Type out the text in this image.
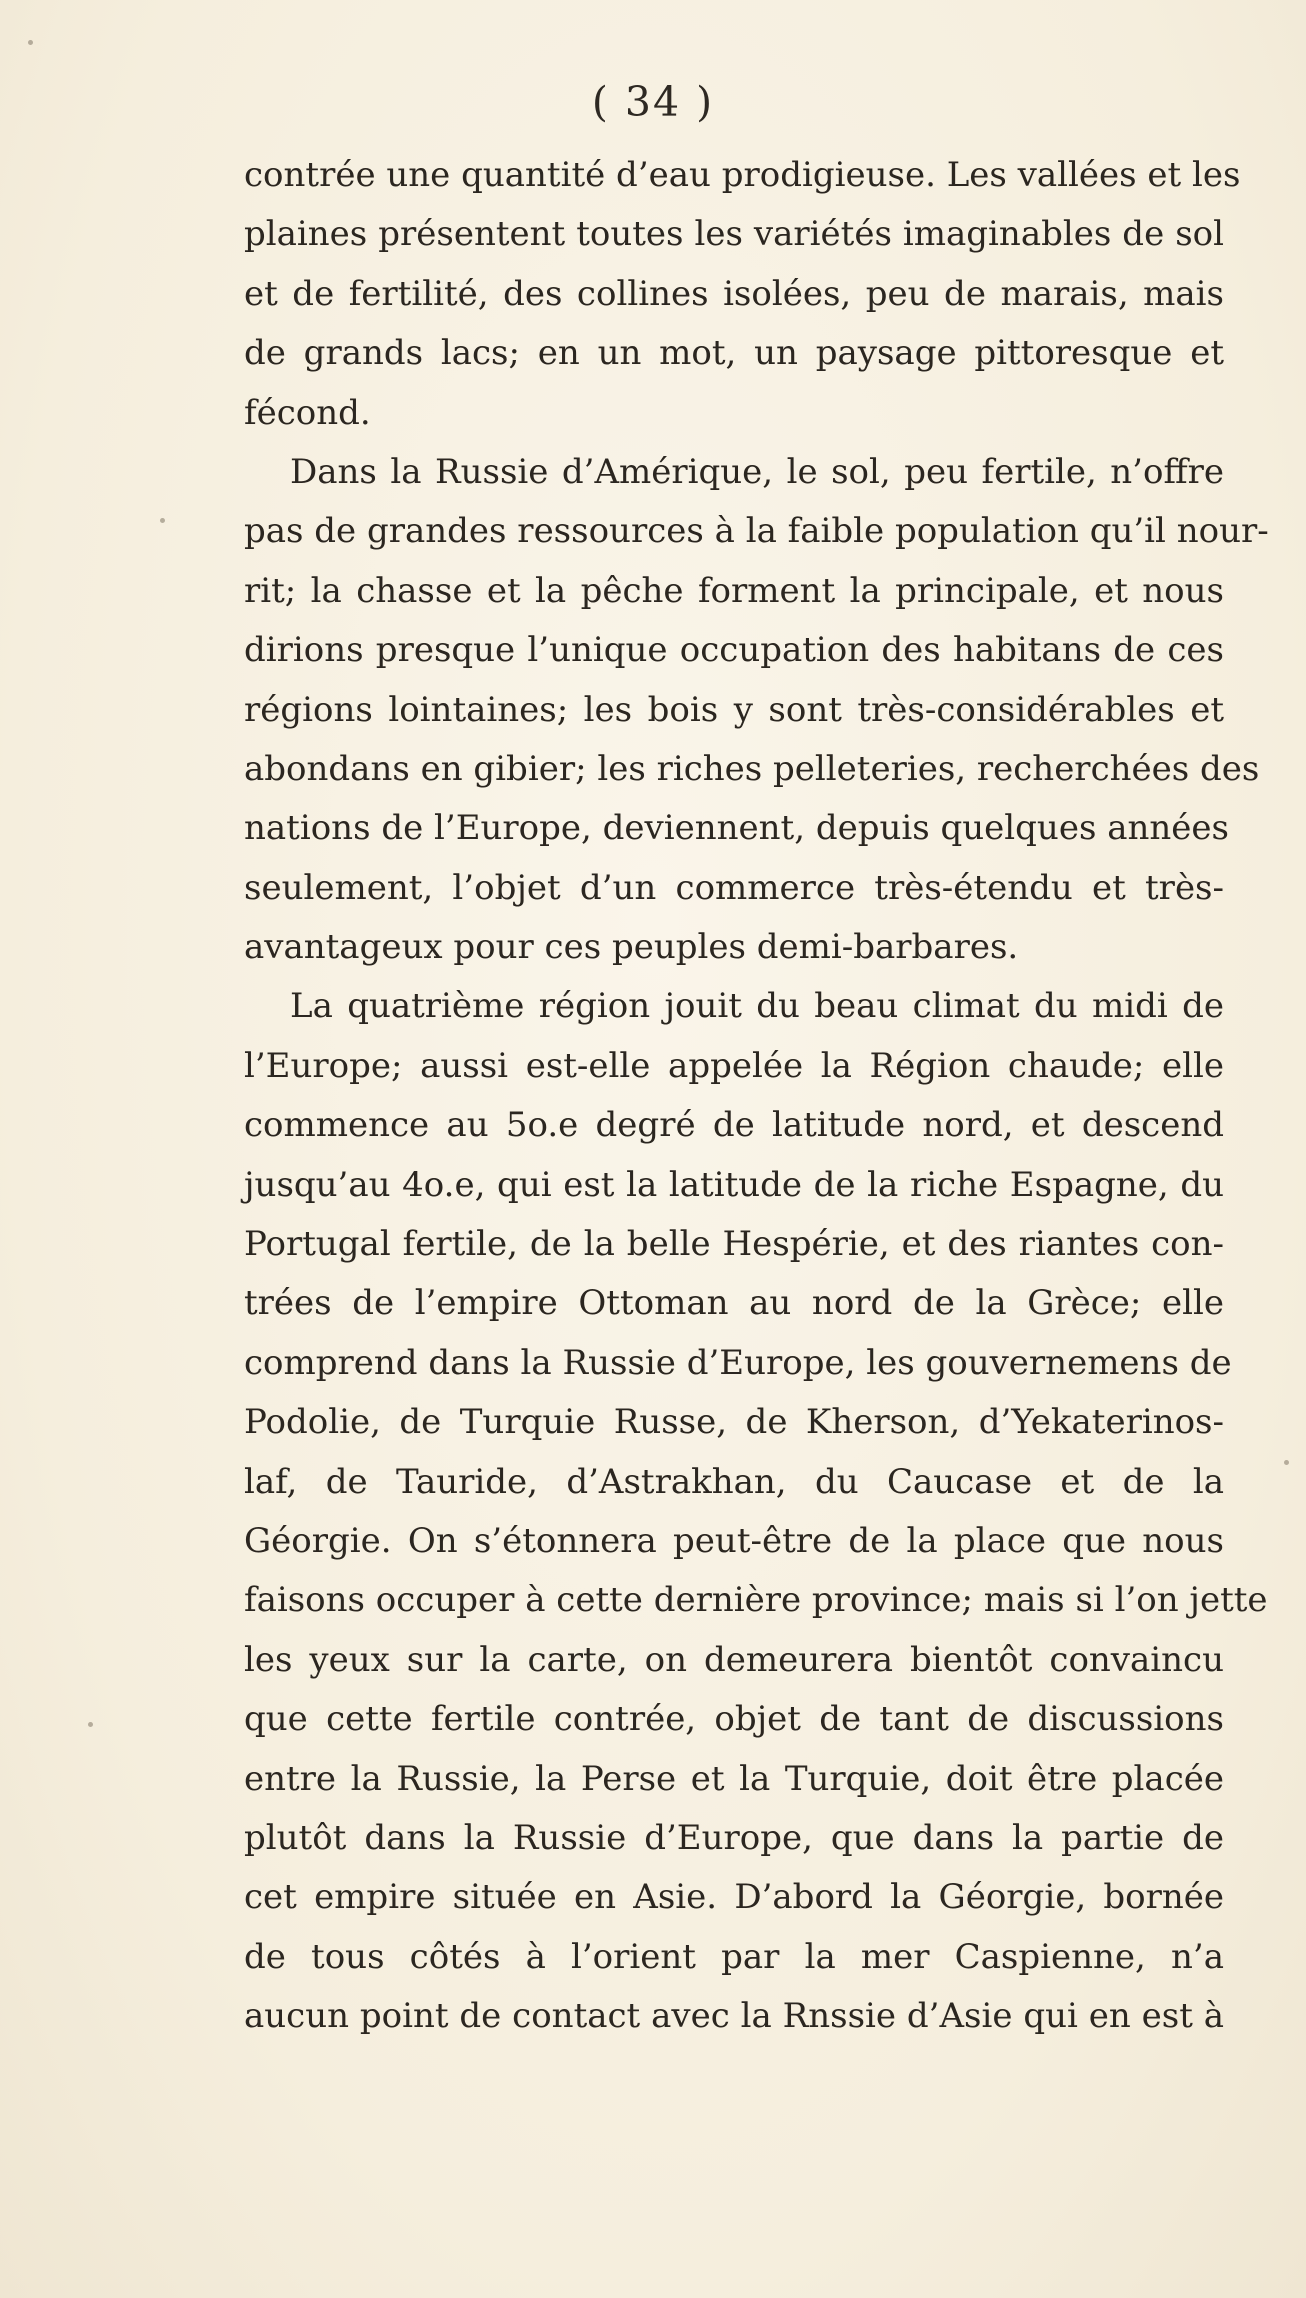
( 34 )
contrée une quantité d’eau prodigieuse. Les vallées et les
plaines présentent toutes les variétés imaginables de sol
et de fertilité, des collines isolées, peu de marais, mais
de grands lacs; en un mot, un paysage pittoresque et
fécond.
Dans la Russie d’Amérique, le sol, peu fertile, n’offre
pas de grandes ressources à la faible population qu’il nour-
rit; la chasse et la pêche forment la principale, et nous
dirions presque l’unique occupation des habitans de ces
régions lointaines; les bois y sont très-considérables et
abondans en gibier; les riches pelleteries, recherchées des
nations de l’Europe, deviennent, depuis quelques années
seulement, l’objet d’un commerce très-étendu et très-
avantageux pour ces peuples demi-barbares.
La quatrième région jouit du beau climat du midi de
l’Europe; aussi est-elle appelée la Région chaude; elle
commence au 5o.e degré de latitude nord, et descend
jusqu’au 4o.e, qui est la latitude de la riche Espagne, du
Portugal fertile, de la belle Hespérie, et des riantes con-
trées de l’empire Ottoman au nord de la Grèce; elle
comprend dans la Russie d’Europe, les gouvernemens de
Podolie, de Turquie Russe, de Kherson, d’Yekaterinos-
laf, de Tauride, d’Astrakhan, du Caucase et de la
Géorgie. On s’étonnera peut-être de la place que nous
faisons occuper à cette dernière province; mais si l’on jette
les yeux sur la carte, on demeurera bientôt convaincu
que cette fertile contrée, objet de tant de discussions
entre la Russie, la Perse et la Turquie, doit être placée
plutôt dans la Russie d’Europe, que dans la partie de
cet empire située en Asie. D’abord la Géorgie, bornée
de tous côtés à l’orient par la mer Caspienne, n’a
aucun point de contact avec la Rnssie d’Asie qui en est à
